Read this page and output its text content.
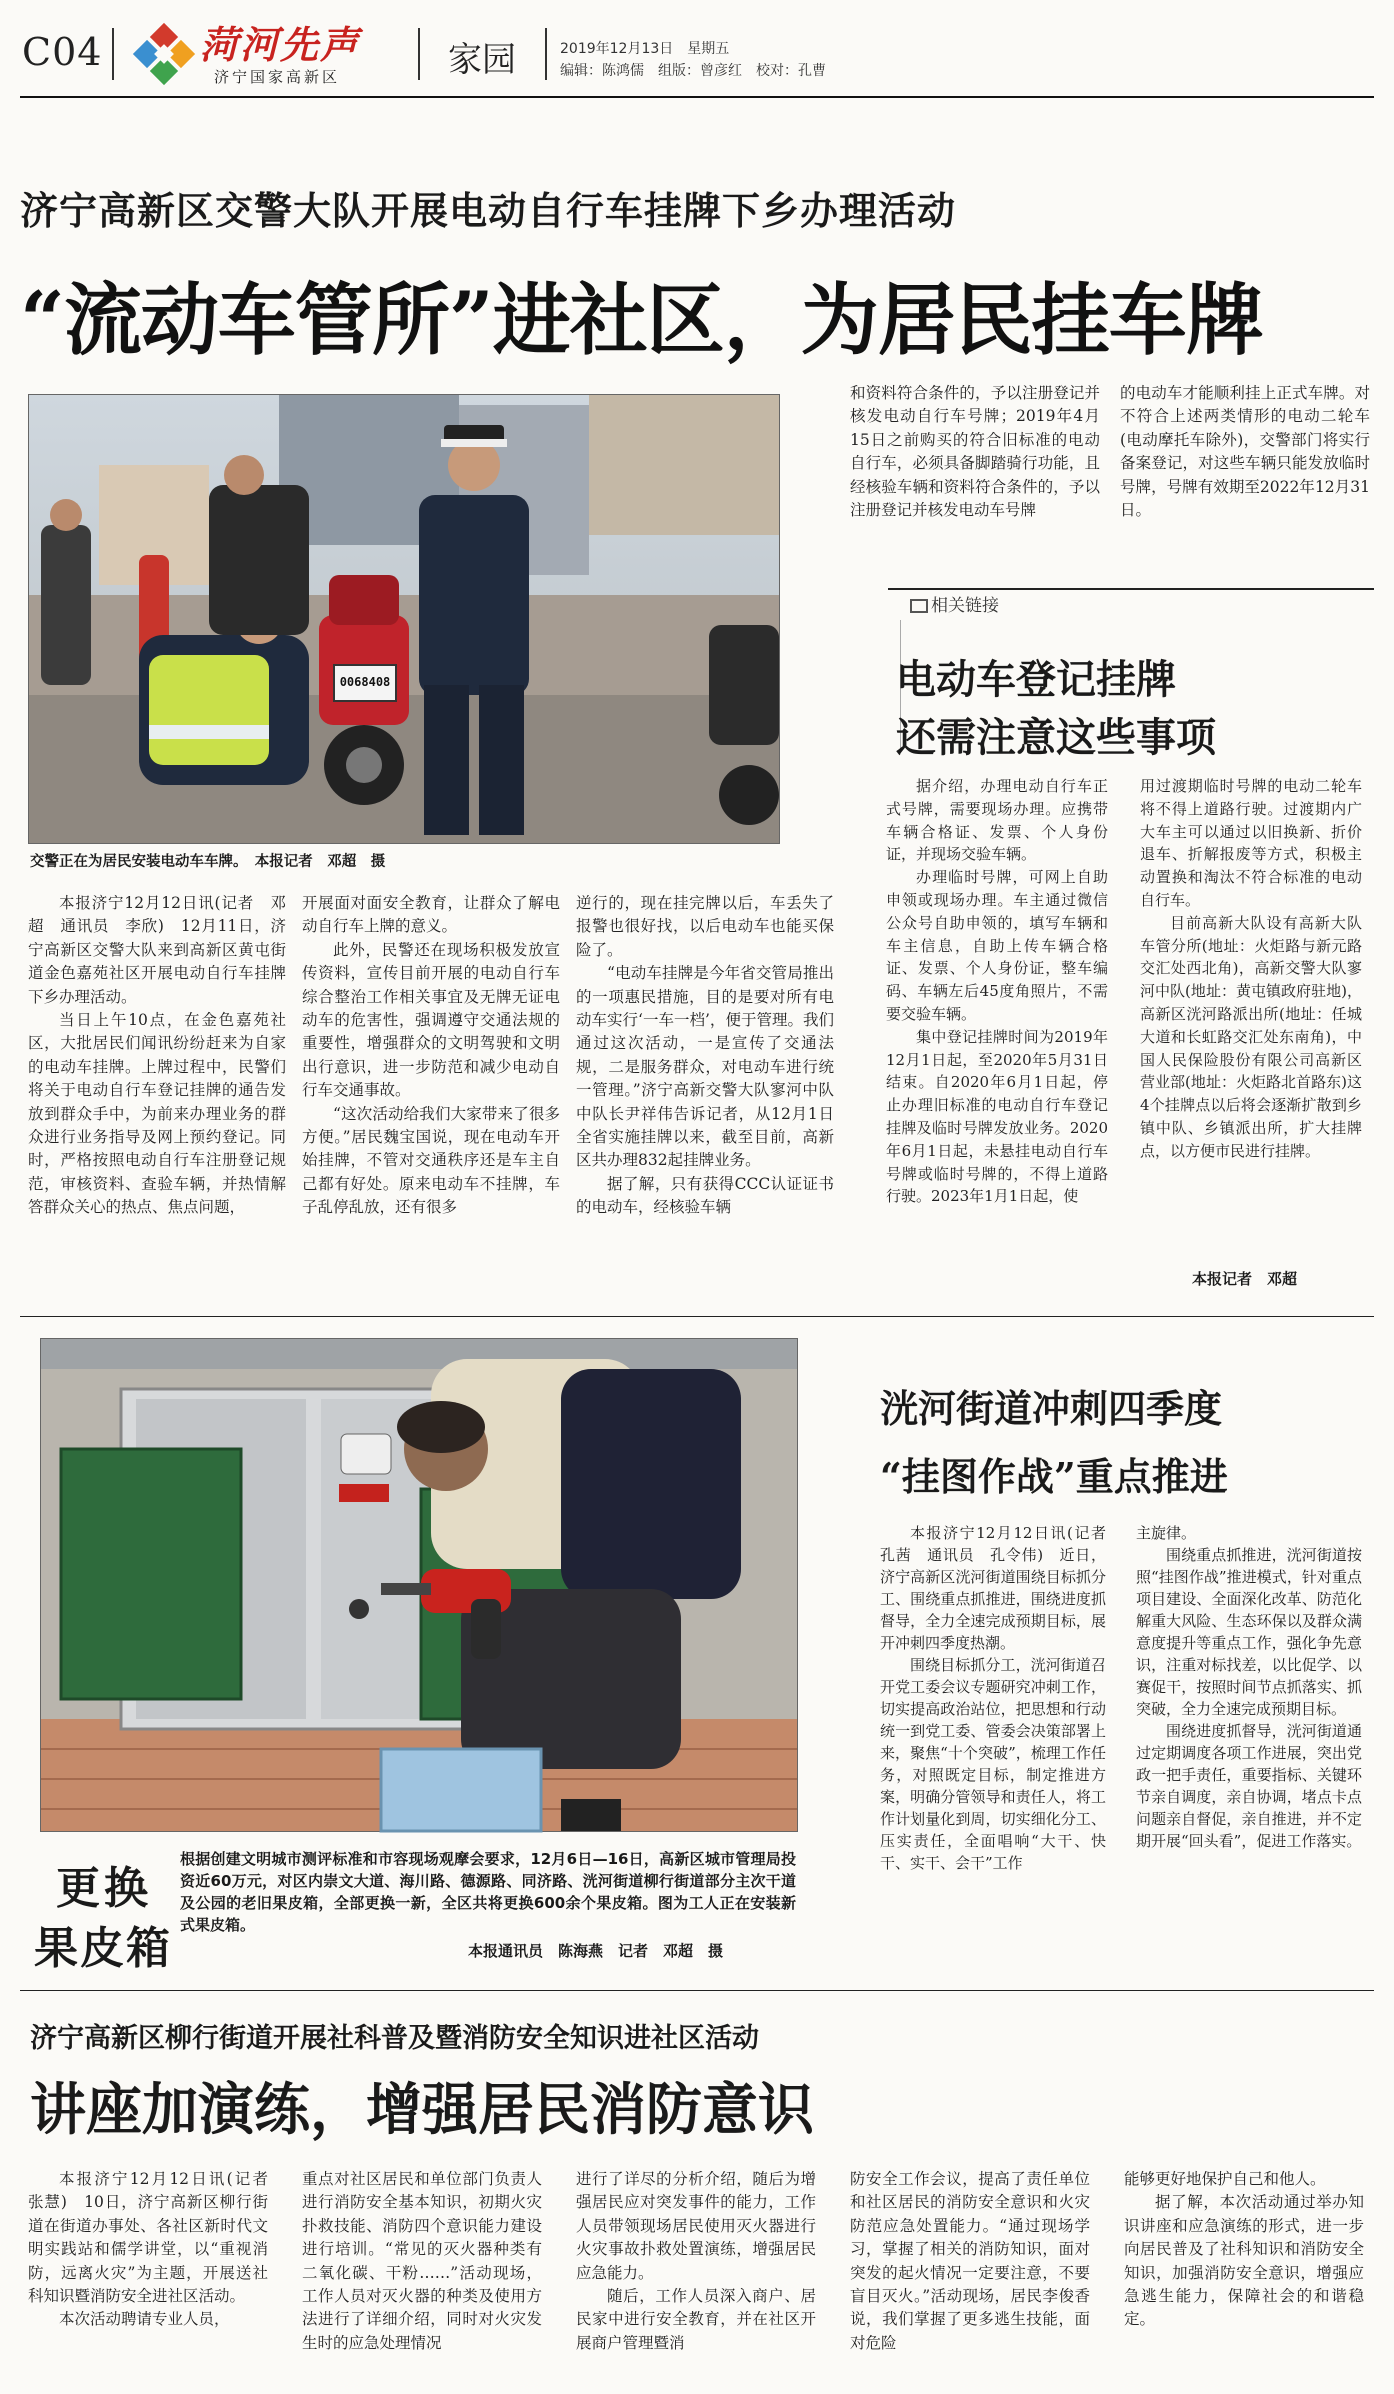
C04	菏河先声
济宁国家高新区	家园	2019年12月13日　星期五
编辑：陈鸿儒　组版：曾彦红　校对：孔曹
济宁高新区交警大队开展电动自行车挂牌下乡办理活动
“流动车管所”进社区，为居民挂车牌
0068408
交警正在为居民安装电动车车牌。　本报记者　邓超　摄

本报济宁12月12日讯(记者　邓超　通讯员　李欣)　12月11日，济宁高新区交警大队来到高新区黄屯街道金色嘉苑社区开展电动自行车挂牌下乡办理活动。

当日上午10点，在金色嘉苑社区，大批居民们闻讯纷纷赶来为自家的电动车挂牌。上牌过程中，民警们将关于电动自行车登记挂牌的通告发放到群众手中，为前来办理业务的群众进行业务指导及网上预约登记。同时，严格按照电动自行车注册登记规范，审核资料、查验车辆，并热情解答群众关心的热点、焦点问题，

开展面对面安全教育，让群众了解电动自行车上牌的意义。

此外，民警还在现场积极发放宣传资料，宣传目前开展的电动自行车综合整治工作相关事宜及无牌无证电动车的危害性，强调遵守交通法规的重要性，增强群众的文明驾驶和文明出行意识，进一步防范和减少电动自行车交通事故。

“这次活动给我们大家带来了很多方便。”居民魏宝国说，现在电动车开始挂牌，不管对交通秩序还是车主自己都有好处。原来电动车不挂牌，车子乱停乱放，还有很多

逆行的，现在挂完牌以后，车丢失了报警也很好找，以后电动车也能买保险了。

“电动车挂牌是今年省交管局推出的一项惠民措施，目的是要对所有电动车实行‘一车一档’，便于管理。我们通过这次活动，一是宣传了交通法规，二是服务群众，对电动车进行统一管理。”济宁高新交警大队寥河中队中队长尹祥伟告诉记者，从12月1日全省实施挂牌以来，截至目前，高新区共办理832起挂牌业务。

据了解，只有获得CCC认证证书的电动车，经核验车辆

和资料符合条件的，予以注册登记并核发电动自行车号牌；2019年4月15日之前购买的符合旧标准的电动自行车，必须具备脚踏骑行功能，且经核验车辆和资料符合条件的，予以注册登记并核发电动车号牌

的电动车才能顺利挂上正式车牌。对不符合上述两类情形的电动二轮车(电动摩托车除外)，交警部门将实行备案登记，对这些车辆只能发放临时号牌，号牌有效期至2022年12月31日。

相关链接
电动车登记挂牌
还需注意这些事项

据介绍，办理电动自行车正式号牌，需要现场办理。应携带车辆合格证、发票、个人身份证，并现场交验车辆。

办理临时号牌，可网上自助申领或现场办理。车主通过微信公众号自助申领的，填写车辆和车主信息，自助上传车辆合格证、发票、个人身份证，整车编码、车辆左后45度角照片，不需要交验车辆。

集中登记挂牌时间为2019年12月1日起，至2020年5月31日结束。自2020年6月1日起，停止办理旧标准的电动自行车登记挂牌及临时号牌发放业务。2020年6月1日起，未悬挂电动自行车号牌或临时号牌的，不得上道路行驶。2023年1月1日起，使

用过渡期临时号牌的电动二轮车将不得上道路行驶。过渡期内广大车主可以通过以旧换新、折价退车、折解报废等方式，积极主动置换和淘汰不符合标准的电动自行车。

目前高新大队设有高新大队车管分所(地址：火炬路与新元路交汇处西北角)，高新交警大队寥河中队(地址：黄屯镇政府驻地)，高新区洸河路派出所(地址：任城大道和长虹路交汇处东南角)，中国人民保险股份有限公司高新区营业部(地址：火炬路北首路东)这4个挂牌点以后将会逐渐扩散到乡镇中队、乡镇派出所，扩大挂牌点，以方便市民进行挂牌。

本报记者　邓超
更换
果皮箱
根据创建文明城市测评标准和市容现场观摩会要求，12月6日—16日，高新区城市管理局投资近60万元，对区内崇文大道、海川路、德源路、同济路、洸河街道柳行街道部分主次干道及公园的老旧果皮箱，全部更换一新，全区共将更换600余个果皮箱。图为工人正在安装新式果皮箱。
本报通讯员　陈海燕　记者　邓超　摄
洸河街道冲刺四季度
“挂图作战”重点推进

本报济宁12月12日讯(记者　孔茜　通讯员　孔令伟)　近日，济宁高新区洸河街道围绕目标抓分工、围绕重点抓推进，围绕进度抓督导，全力全速完成预期目标，展开冲刺四季度热潮。

围绕目标抓分工，洸河街道召开党工委会议专题研究冲刺工作，切实提高政治站位，把思想和行动统一到党工委、管委会决策部署上来，聚焦“十个突破”，梳理工作任务，对照既定目标，制定推进方案，明确分管领导和责任人，将工作计划量化到周，切实细化分工、压实责任，全面唱响“大干、快干、实干、会干”工作

主旋律。

围绕重点抓推进，洸河街道按照“挂图作战”推进模式，针对重点项目建设、全面深化改革、防范化解重大风险、生态环保以及群众满意度提升等重点工作，强化争先意识，注重对标找差，以比促学、以赛促干，按照时间节点抓落实、抓突破，全力全速完成预期目标。

围绕进度抓督导，洸河街道通过定期调度各项工作进展，突出党政一把手责任，重要指标、关键环节亲自调度，亲自协调，堵点卡点问题亲自督促，亲自推进，并不定期开展“回头看”，促进工作落实。

济宁高新区柳行街道开展社科普及暨消防安全知识进社区活动
讲座加演练，增强居民消防意识

本报济宁12月12日讯(记者　张慧)　10日，济宁高新区柳行街道在街道办事处、各社区新时代文明实践站和儒学讲堂，以“重视消防，远离火灾”为主题，开展送社科知识暨消防安全进社区活动。

本次活动聘请专业人员，

重点对社区居民和单位部门负责人进行消防安全基本知识，初期火灾扑救技能、消防四个意识能力建设进行培训。“常见的灭火器种类有二氧化碳、干粉……”活动现场，工作人员对灭火器的种类及使用方法进行了详细介绍，同时对火灾发生时的应急处理情况

进行了详尽的分析介绍，随后为增强居民应对突发事件的能力，工作人员带领现场居民使用灭火器进行火灾事故扑救处置演练，增强居民应急能力。

随后，工作人员深入商户、居民家中进行安全教育，并在社区开展商户管理暨消

防安全工作会议，提高了责任单位和社区居民的消防安全意识和火灾防范应急处置能力。“通过现场学习，掌握了相关的消防知识，面对突发的起火情况一定要注意，不要盲目灭火。”活动现场，居民李俊香说，我们掌握了更多逃生技能，面对危险

能够更好地保护自己和他人。

据了解，本次活动通过举办知识讲座和应急演练的形式，进一步向居民普及了社科知识和消防安全知识，加强消防安全意识，增强应急逃生能力，保障社会的和谐稳定。
